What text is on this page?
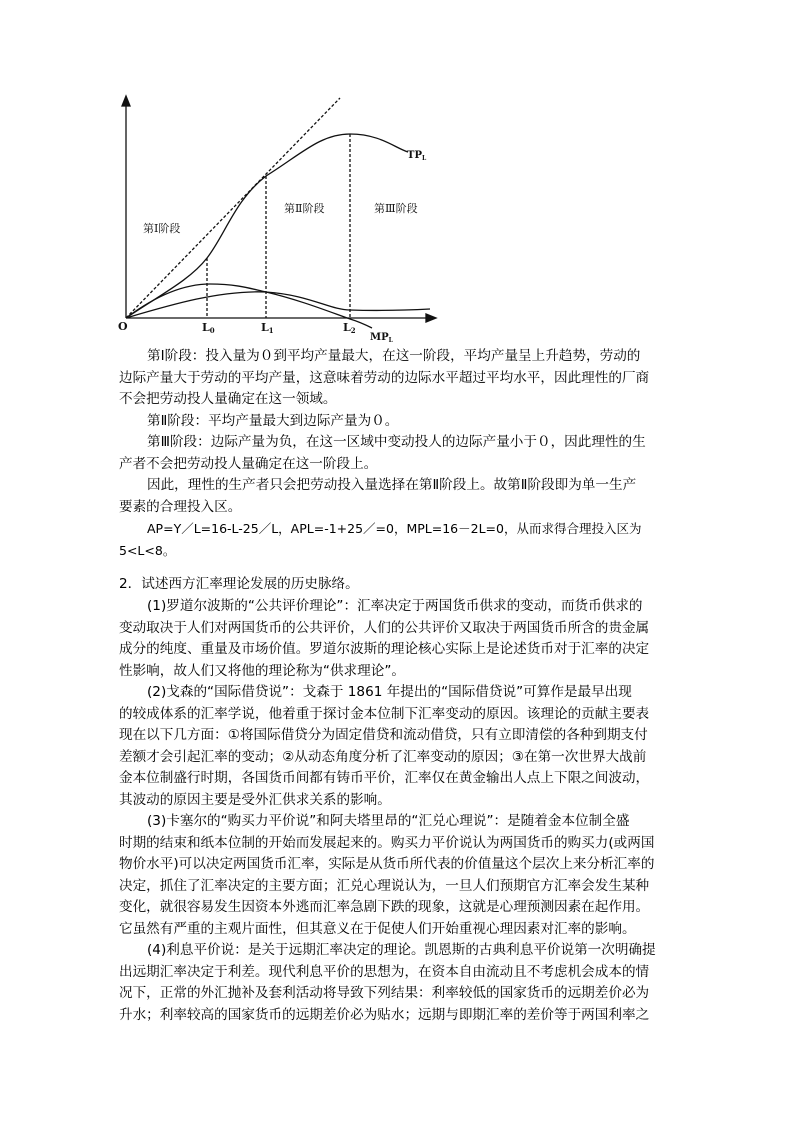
O	L0	L1	L2
$TP_L$
$MP_L$
第Ⅰ阶段
第Ⅱ阶段	第Ⅲ阶段
第Ⅰ阶段：投入量为０到平均产量最大，在这一阶段，平均产量呈上升趋势，劳动的
边际产量大于劳动的平均产量，这意味着劳动的边际水平超过平均水平，因此理性的厂商
不会把劳动投人量确定在这一领域。
第Ⅱ阶段：平均产量最大到边际产量为０。
第Ⅲ阶段：边际产量为负，在这一区域中变动投人的边际产量小于０，因此理性的生
产者不会把劳动投人量确定在这一阶段上。
因此，理性的生产者只会把劳动投入量选择在第Ⅱ阶段上。故第Ⅱ阶段即为单一生产
要素的合理投入区。
AP=Y／L=16-L-25／L，APL=-1+25／=0，MPL=16－2L=0，从而求得合理投入区为
5<L<8。
2．试述西方汇率理论发展的历史脉络。
(1)罗道尔波斯的“公共评价理论”：汇率决定于两国货币供求的变动，而货币供求的
变动取决于人们对两国货币的公共评价，人们的公共评价又取决于两国货币所含的贵金属
成分的纯度、重量及市场价值。罗道尔波斯的理论核心实际上是论述货币对于汇率的决定
性影响，故人们又将他的理论称为“供求理论”。
(2)戈森的“国际借贷说”：戈森于 1861 年提出的“国际借贷说”可算作是最早出现
的较成体系的汇率学说，他着重于探讨金本位制下汇率变动的原因。该理论的贡献主要表
现在以下几方面：①将国际借贷分为固定借贷和流动借贷，只有立即清偿的各种到期支付
差额才会引起汇率的变动；②从动态角度分析了汇率变动的原因；③在第一次世界大战前
金本位制盛行时期，各国货币间都有铸币平价，汇率仅在黄金输出人点上下限之间波动，
其波动的原因主要是受外汇供求关系的影响。
(3)卡塞尔的“购买力平价说”和阿夫塔里昂的“汇兑心理说”：是随着金本位制全盛
时期的结束和纸本位制的开始而发展起来的。购买力平价说认为两国货币的购买力(或两国
物价水平)可以决定两国货币汇率，实际是从货币所代表的价值量这个层次上来分析汇率的
决定，抓住了汇率决定的主要方面；汇兑心理说认为，一旦人们预期官方汇率会发生某种
变化，就很容易发生因资本外逃而汇率急剧下跌的现象，这就是心理预测因素在起作用。
它虽然有严重的主观片面性，但其意义在于促使人们开始重视心理因素对汇率的影响。
(4)利息平价说：是关于远期汇率决定的理论。凯恩斯的古典利息平价说第一次明确提
出远期汇率决定于利差。现代利息平价的思想为，在资本自由流动且不考虑机会成本的情
况下，正常的外汇抛补及套利活动将导致下列结果：利率较低的国家货币的远期差价必为
升水；利率较高的国家货币的远期差价必为贴水；远期与即期汇率的差价等于两国利率之
